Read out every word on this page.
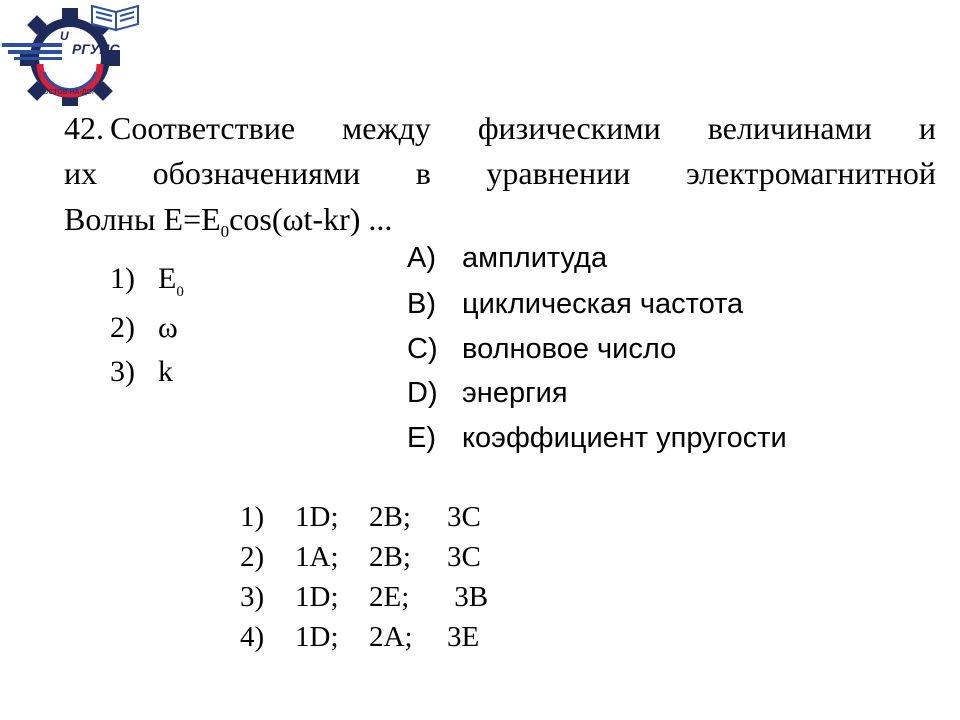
РОСТОВ-НА-ДОНУ
РГУПС
U
42. Соответствие между физическими величинами и
их обозначениями в уравнении электромагнитной
Волны $E=E_0\cos(\omega t-kr)$ ...
1) $E_0$
2) ω
3) k
A) амплитуда
B) циклическая частота
C) волновое число
D) энергия
E) коэффициент упругости
1) 1D; 2B; 3C
2) 1A; 2B; 3C
3) 1D; 2E; 3B
4) 1D; 2A; 3E
